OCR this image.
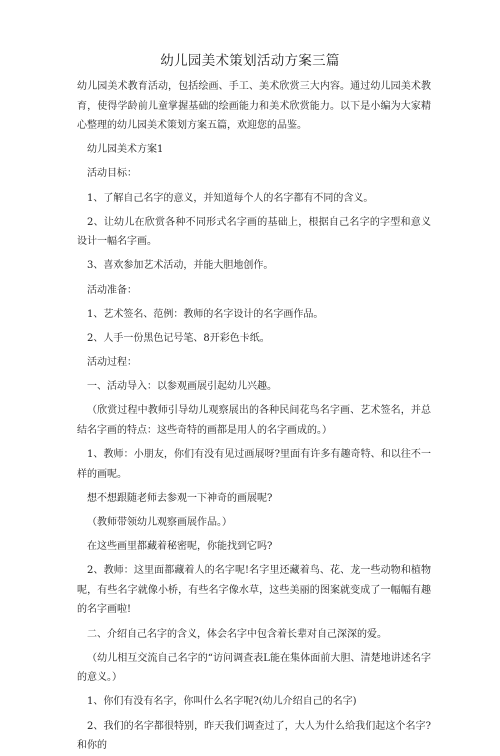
幼儿园美术策划活动方案三篇

幼儿园美术教育活动，包括绘画、手工、美术欣赏三大内容。通过幼儿园美术教育，使得学龄前儿童掌握基础的绘画能力和美术欣赏能力。以下是小编为大家精心整理的幼儿园美术策划方案五篇，欢迎您的品鉴。

幼儿园美术方案1

活动目标：

1、了解自己名字的意义，并知道每个人的名字都有不同的含义。

2、让幼儿在欣赏各种不同形式名字画的基础上，根据自己名字的字型和意义设计一幅名字画。

3、喜欢参加艺术活动，并能大胆地创作。

活动准备：

1、艺术签名、范例：教师的名字设计的名字画作品。

2、人手一份黑色记号笔、8开彩色卡纸。

活动过程：

一、活动导入：以参观画展引起幼儿兴趣。

（欣赏过程中教师引导幼儿观察展出的各种民间花鸟名字画、艺术签名，并总结名字画的特点：这些奇特的画都是用人的名字画成的。）

1、教师：小朋友，你们有没有见过画展呀?里面有许多有趣奇特、和以往不一样的画呢。

想不想跟随老师去参观一下神奇的画展呢?

（教师带领幼儿观察画展作品。）

在这些画里都藏着秘密呢，你能找到它吗?

2、教师：这里面都藏着人的名字呢!名字里还藏着鸟、花、龙一些动物和植物呢，有些名字就像小桥，有些名字像水草，这些美丽的图案就变成了一幅幅有趣的名字画啦!

二、介绍自己名字的含义，体会名字中包含着长辈对自己深深的爱。

（幼儿相互交流自己名字的“访问调查表L能在集体面前大胆、清楚地讲述名字的意义。）

1、你们有没有名字，你叫什么名字呢?(幼儿介绍自己的名字)

2、我们的名字都很特别，昨天我们调查过了，大人为什么给我们起这个名字?和你的
